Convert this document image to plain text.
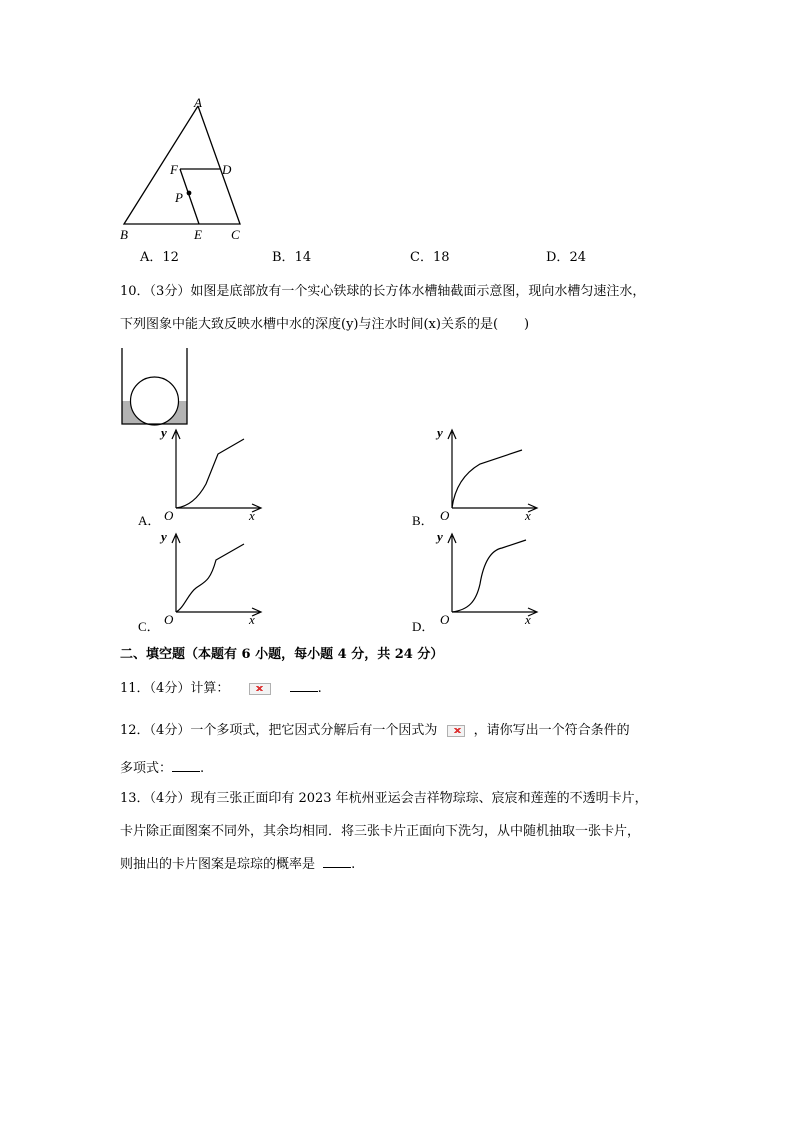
A
F	D
P
B	E C
A．12	B．14	C．18	D．24
10．（3分）如图是底部放有一个实心铁球的长方体水槽轴截面示意图，现向水槽匀速注水，
下列图象中能大致反映水槽中水的深度(y)与注水时间(x)关系的是(　　)
y
x
O
A．
y
x
O
B．
y
x
O
C．
y
x
O
D．
二、填空题（本题有 6 小题，每小题 4 分，共 24 分）
11．（4分）计算：	.
12．（4分）一个多项式，把它因式分解后有一个因式为	，请你写出一个符合条件的
多项式： .
13．（4分）现有三张正面印有 2023 年杭州亚运会吉祥物琮琮、宸宸和莲莲的不透明卡片，
卡片除正面图案不同外，其余均相同．将三张卡片正面向下洗匀，从中随机抽取一张卡片，
则抽出的卡片图案是琮琮的概率是	.
